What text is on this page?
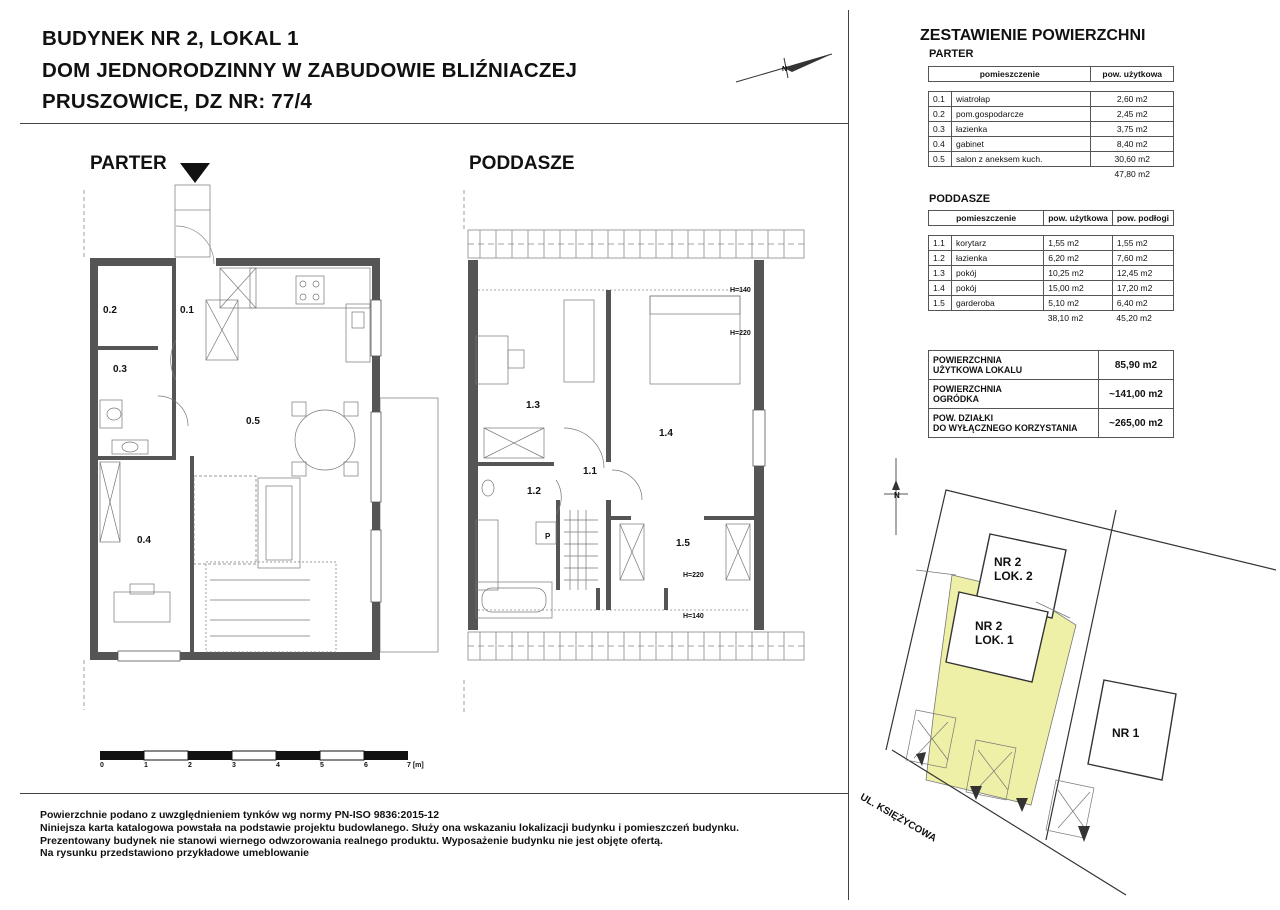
BUDYNEK NR 2, LOKAL 1
DOM JEDNORODZINNY W ZABUDOWIE BLIŹNIACZEJ
PRUSZOWICE, DZ NR: 77/4
N
PARTER	PODDASZE
0.2	0.1
0.3
0.5
0.4
1.3
1.4
1.1
1.2
1.5
P
H=140
H=220
H=220
H=140
0	1	2	3	4	5	6	7 [m]
Powierzchnie podano z uwzględnieniem tynków wg normy PN-ISO 9836:2015-12
Niniejsza karta katalogowa powstała na podstawie projektu budowlanego. Służy ona wskazaniu lokalizacji budynku i pomieszczeń budynku.
Prezentowany budynek nie stanowi wiernego odwzorowania realnego produktu. Wyposażenie budynku nie jest objęte ofertą.
Na rysunku przedstawiono przykładowe umeblowanie
ZESTAWIENIE POWIERZCHNI
PARTER
pomieszczenie		pow. użytkowa

0.1	wiatrołap	2,60 m2
0.2	pom.gospodarcze	2,45 m2
0.3	łazienka	3,75 m2
0.4	gabinet	8,40 m2
0.5	salon z aneksem kuch.	30,60 m2
		47,80 m2
PODDASZE
pomieszczenie		pow. użytkowa	pow. podłogi

1.1	korytarz	1,55 m2	1,55 m2
1.2	łazienka	6,20 m2	7,60 m2
1.3	pokój	10,25 m2	12,45 m2
1.4	pokój	15,00 m2	17,20 m2
1.5	garderoba	5,10 m2	6,40 m2
		38,10 m2	45,20 m2
POWIERZCHNIA
UŻYTKOWA LOKALU	85,90 m2
POWIERZCHNIA
OGRÓDKA	~141,00 m2
POW. DZIAŁKI
DO WYŁĄCZNEGO KORZYSTANIA	~265,00 m2
N
NR 2
LOK. 2
NR 2
LOK. 1
NR 1
UL. KSIĘŻYCOWA
